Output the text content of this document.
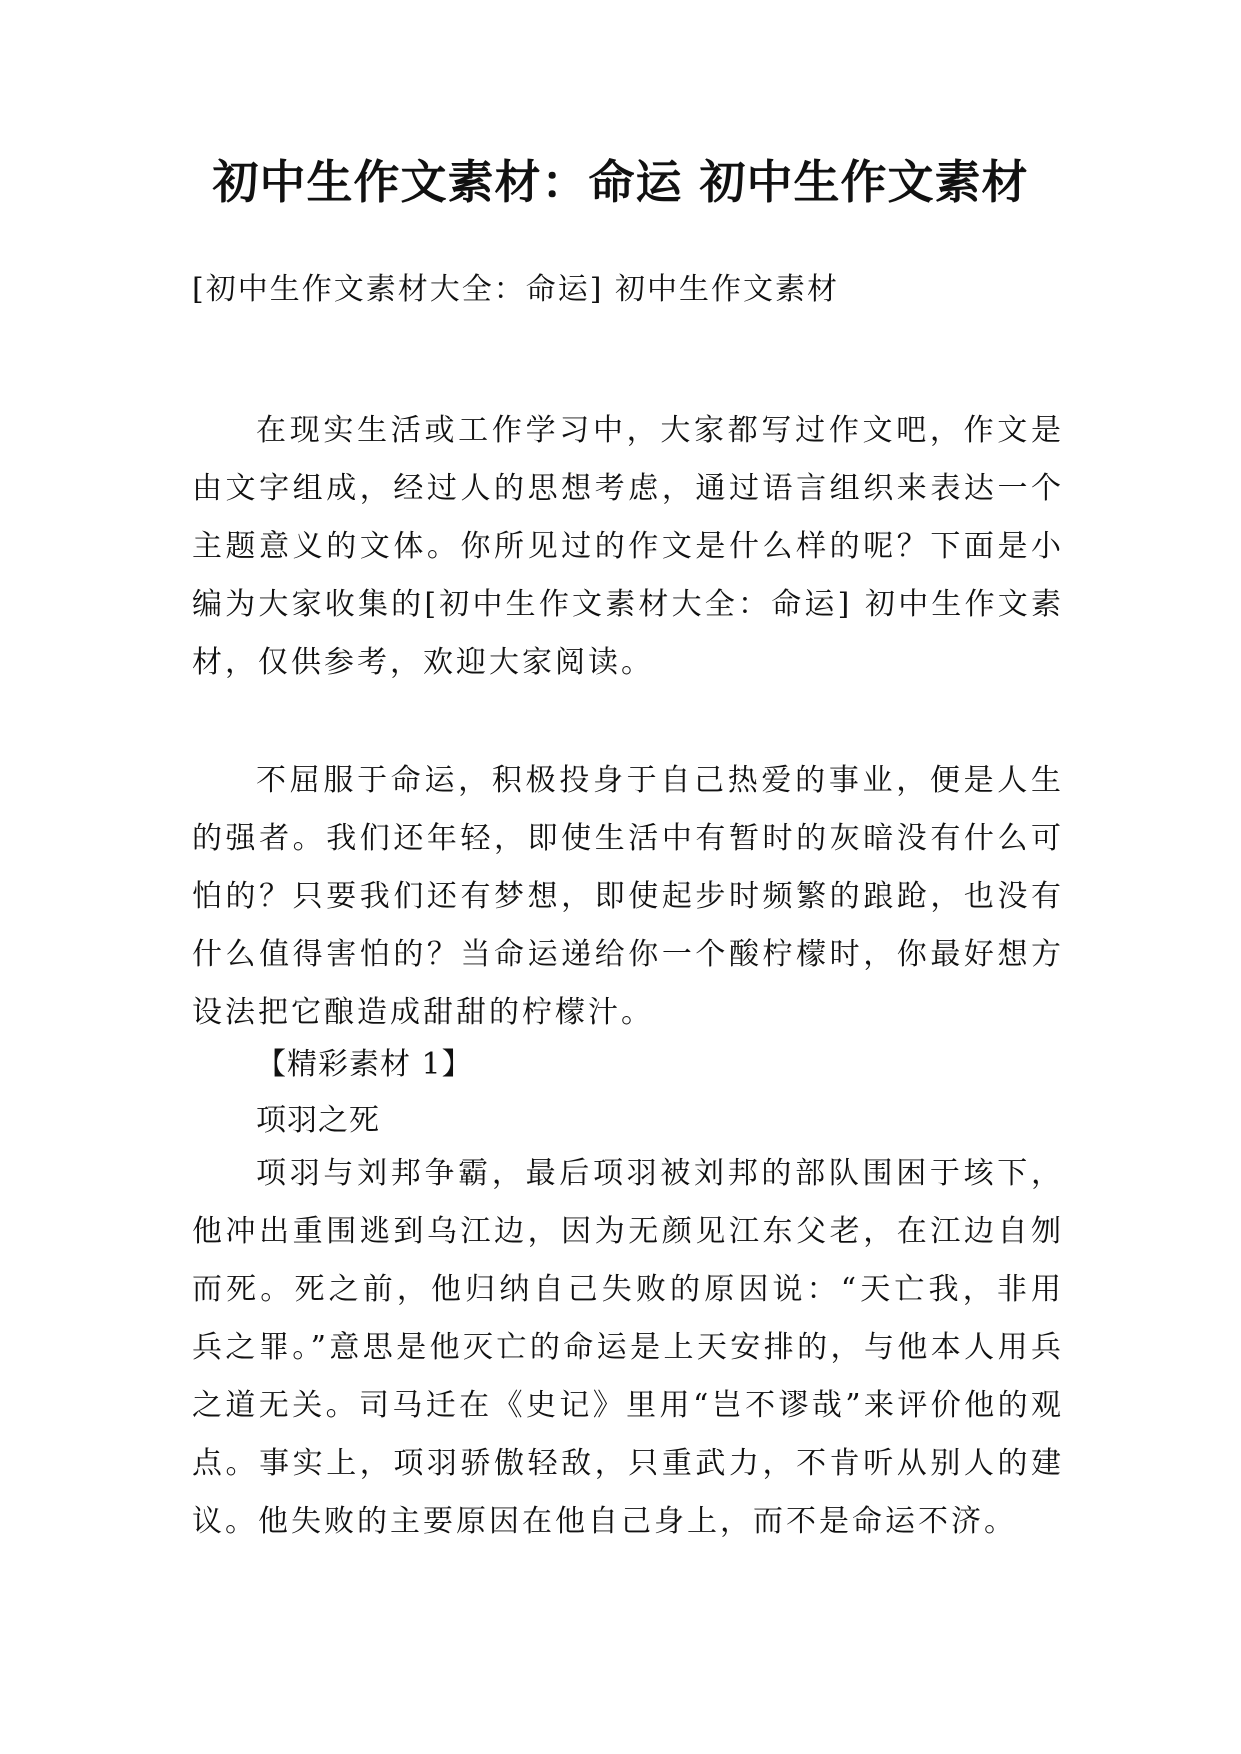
初中生作文素材：命运 初中生作文素材

[初中生作文素材大全：命运] 初中生作文素材

在现实生活或工作学习中，大家都写过作文吧，作文是由文字组成，经过人的思想考虑，通过语言组织来表达一个主题意义的文体。你所见过的作文是什么样的呢？下面是小编为大家收集的[初中生作文素材大全：命运] 初中生作文素材，仅供参考，欢迎大家阅读。

不屈服于命运，积极投身于自己热爱的事业，便是人生的强者。我们还年轻，即使生活中有暂时的灰暗没有什么可怕的？只要我们还有梦想，即使起步时频繁的踉跄，也没有什么值得害怕的？当命运递给你一个酸柠檬时，你最好想方设法把它酿造成甜甜的柠檬汁。

【精彩素材 1】

项羽之死

项羽与刘邦争霸，最后项羽被刘邦的部队围困于垓下，他冲出重围逃到乌江边，因为无颜见江东父老，在江边自刎而死。死之前，他归纳自己失败的原因说：“天亡我，非用兵之罪。”意思是他灭亡的命运是上天安排的，与他本人用兵之道无关。司马迁在《史记》里用“岂不谬哉”来评价他的观点。事实上，项羽骄傲轻敌，只重武力，不肯听从别人的建议。他失败的主要原因在他自己身上，而不是命运不济。
